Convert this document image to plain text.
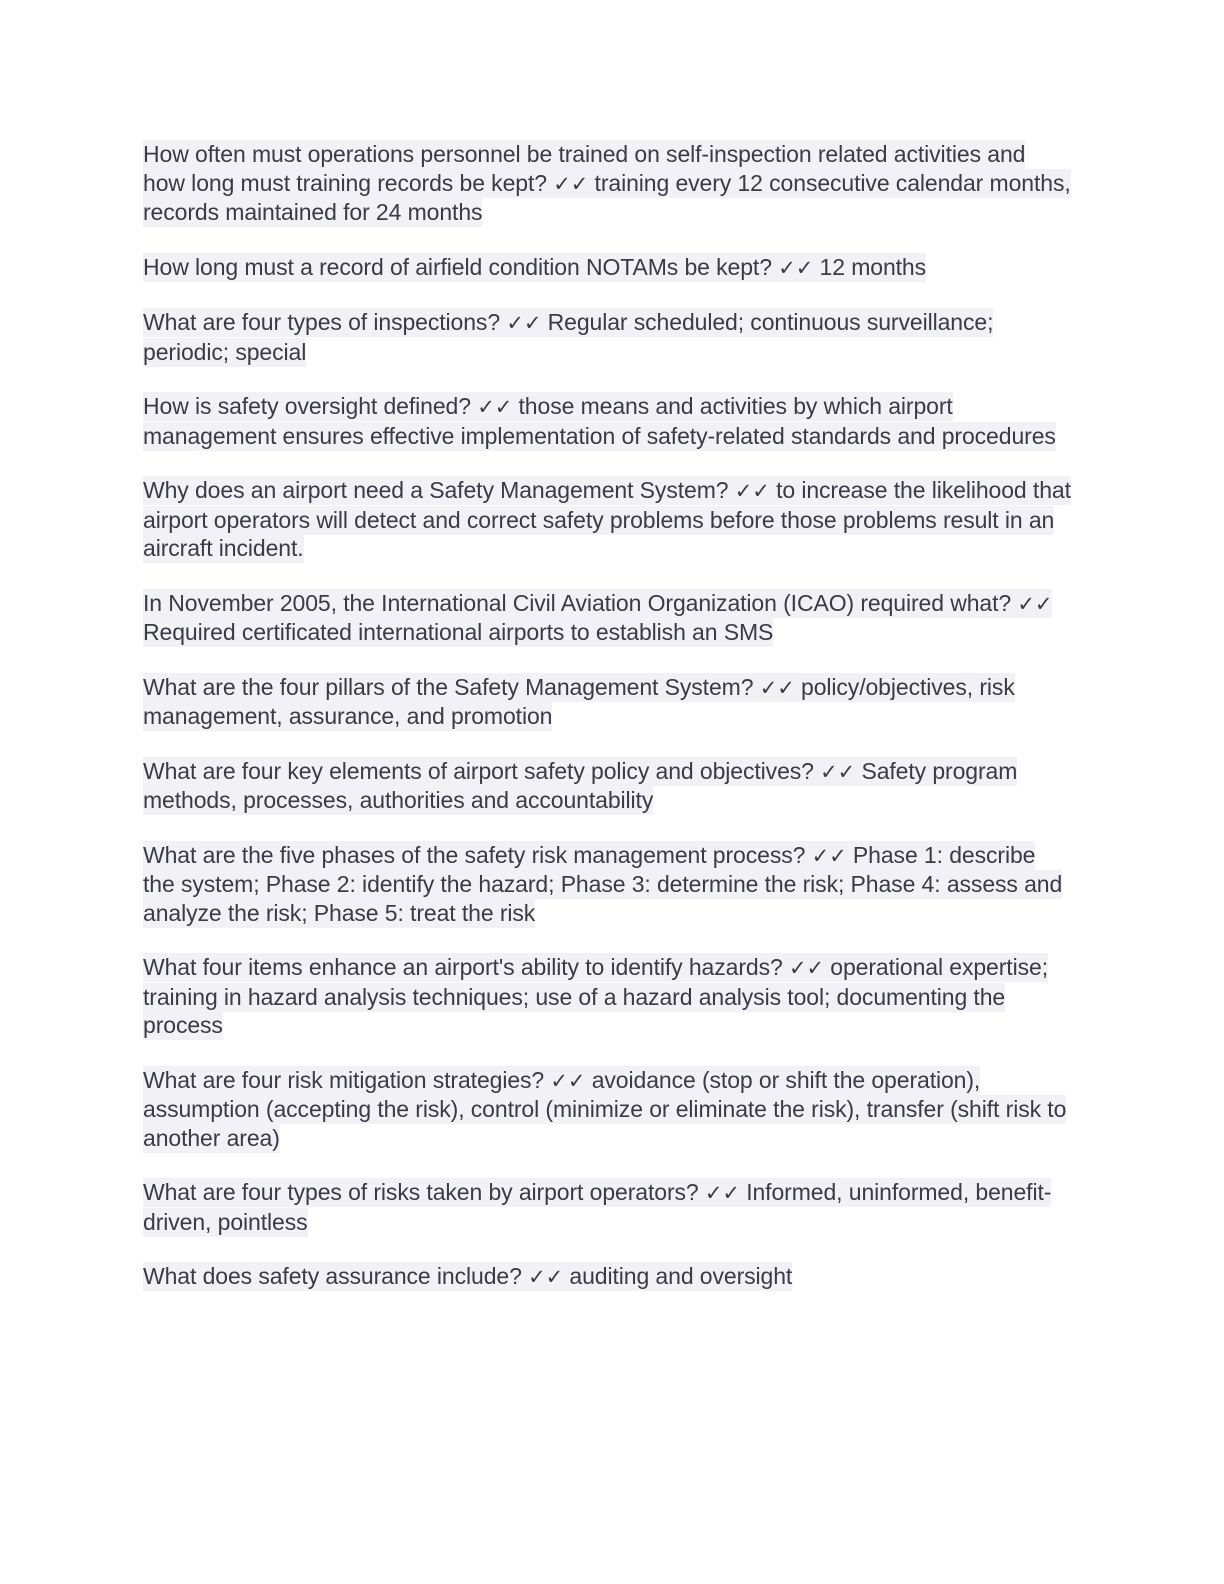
How often must operations personnel be trained on self-inspection related activities and how long must training records be kept? ✓✓ training every 12 consecutive calendar months, records maintained for 24 months

How long must a record of airfield condition NOTAMs be kept? ✓✓ 12 months

What are four types of inspections? ✓✓ Regular scheduled; continuous surveillance; periodic; special

How is safety oversight defined? ✓✓ those means and activities by which airport management ensures effective implementation of safety-related standards and procedures

Why does an airport need a Safety Management System? ✓✓ to increase the likelihood that airport operators will detect and correct safety problems before those problems result in an aircraft incident.

In November 2005, the International Civil Aviation Organization (ICAO) required what? ✓✓ Required certificated international airports to establish an SMS

What are the four pillars of the Safety Management System? ✓✓ policy/objectives, risk management, assurance, and promotion

What are four key elements of airport safety policy and objectives? ✓✓ Safety program methods, processes, authorities and accountability

What are the five phases of the safety risk management process? ✓✓ Phase 1: describe the system; Phase 2: identify the hazard; Phase 3: determine the risk; Phase 4: assess and analyze the risk; Phase 5: treat the risk

What four items enhance an airport's ability to identify hazards? ✓✓ operational expertise; training in hazard analysis techniques; use of a hazard analysis tool; documenting the process

What are four risk mitigation strategies? ✓✓ avoidance (stop or shift the operation), assumption (accepting the risk), control (minimize or eliminate the risk), transfer (shift risk to another area)

What are four types of risks taken by airport operators? ✓✓ Informed, uninformed, benefit-driven, pointless

What does safety assurance include? ✓✓ auditing and oversight
